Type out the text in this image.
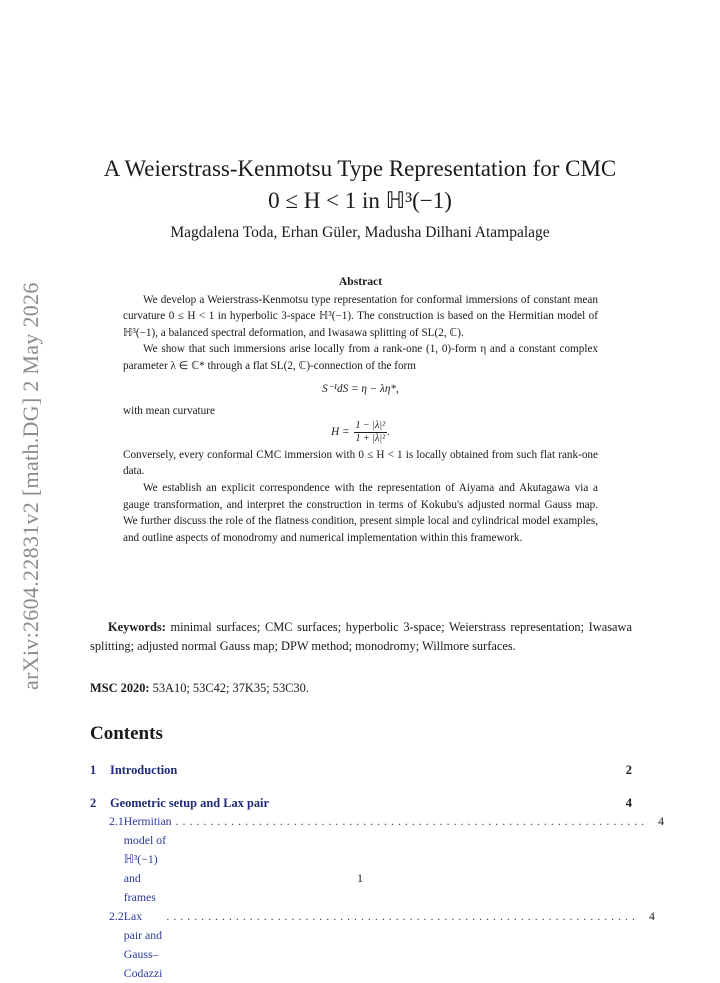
arXiv:2604.22831v2 [math.DG] 2 May 2026
A Weierstrass-Kenmotsu Type Representation for CMC
0 ≤ H < 1 in ℍ³(−1)
Magdalena Toda, Erhan Güler, Madusha Dilhani Atampalage
Abstract

We develop a Weierstrass-Kenmotsu type representation for conformal immersions of constant mean curvature 0 ≤ H < 1 in hyperbolic 3-space ℍ³(−1). The construction is based on the Hermitian model of ℍ³(−1), a balanced spectral deformation, and Iwasawa splitting of SL(2, ℂ).

We show that such immersions arise locally from a rank-one (1, 0)-form η and a constant complex parameter λ ∈ ℂ* through a flat SL(2, ℂ)-connection of the form

S⁻¹dS = η − λη*,

with mean curvature

$H = \frac{\text{1 − |λ|²}}{\text{1 + |λ|²}}$ .

Conversely, every conformal CMC immersion with 0 ≤ H < 1 is locally obtained from such flat rank-one data.

We establish an explicit correspondence with the representation of Aiyama and Akutagawa via a gauge transformation, and interpret the construction in terms of Kokubu's adjusted normal Gauss map. We further discuss the role of the flatness condition, present simple local and cylindrical model examples, and outline aspects of monodromy and numerical implementation within this framework.

Keywords: minimal surfaces; CMC surfaces; hyperbolic 3-space; Weierstrass representation; Iwasawa splitting; adjusted normal Gauss map; DPW method; monodromy; Willmore surfaces.
MSC 2020: 53A10; 53C42; 37K35; 53C30.
Contents
1 Introduction	2
2 Geometric setup and Lax pair	4
2.1 Hermitian model of ℍ³(−1) and frames
.................................................................... 4
2.2 Lax pair and Gauss–Codazzi
.................................................................... 4
1
